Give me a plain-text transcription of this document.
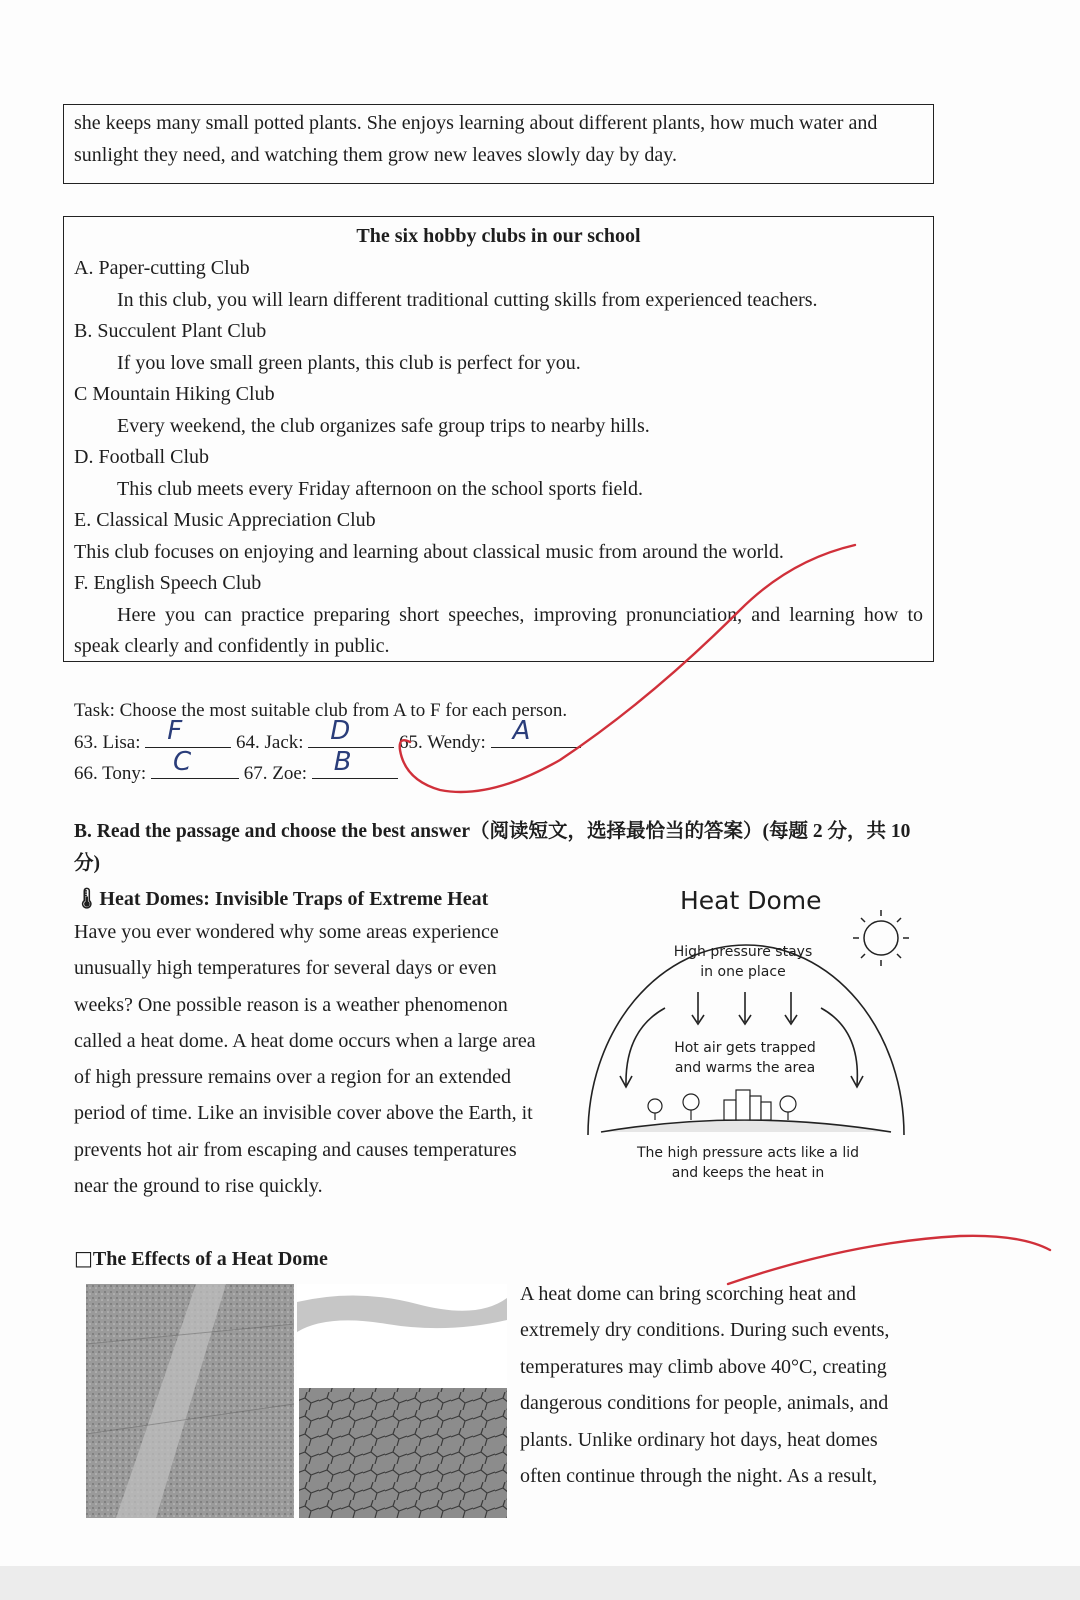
she keeps many small potted plants. She enjoys learning about different plants, how much water and sunlight they need, and watching them grow new leaves slowly day by day.

The six hobby clubs in our school
A. Paper-cutting Club
In this club, you will learn different traditional cutting skills from experienced teachers.
B. Succulent Plant Club
If you love small green plants, this club is perfect for you.
C Mountain Hiking Club
Every weekend, the club organizes safe group trips to nearby hills.
D. Football Club
This club meets every Friday afternoon on the school sports field.
E. Classical Music Appreciation Club
This club focuses on enjoying and learning about classical music from around the world.
F. English Speech Club
Here you can practice preparing short speeches, improving pronunciation, and learning how to speak clearly and confidently in public.
Task: Choose the most suitable club from A to F for each person.
63. Lisa: F	64. Jack: D	65. Wendy: A
66. Tony: C	67. Zoe: B
B. Read the passage and choose the best answer（阅读短文，选择最恰当的答案）(每题 2 分，共 10 分)
🌡︎Heat Domes: Invisible Traps of Extreme Heat
Have you ever wondered why some areas experience unusually high temperatures for several days or even weeks? One possible reason is a weather phenomenon called a heat dome. A heat dome occurs when a large area of high pressure remains over a region for an extended period of time. Like an invisible cover above the Earth, it prevents hot air from escaping and causes temperatures near the ground to rise quickly.
Heat Dome
High pressure stays in one place
Hot air gets trapped and warms the area
The high pressure acts like a lid and keeps the heat in
□The Effects of a Heat Dome
A heat dome can bring scorching heat and extremely dry conditions. During such events, temperatures may climb above 40°C, creating dangerous conditions for people, animals, and plants. Unlike ordinary hot days, heat domes often continue through the night. As a result,
